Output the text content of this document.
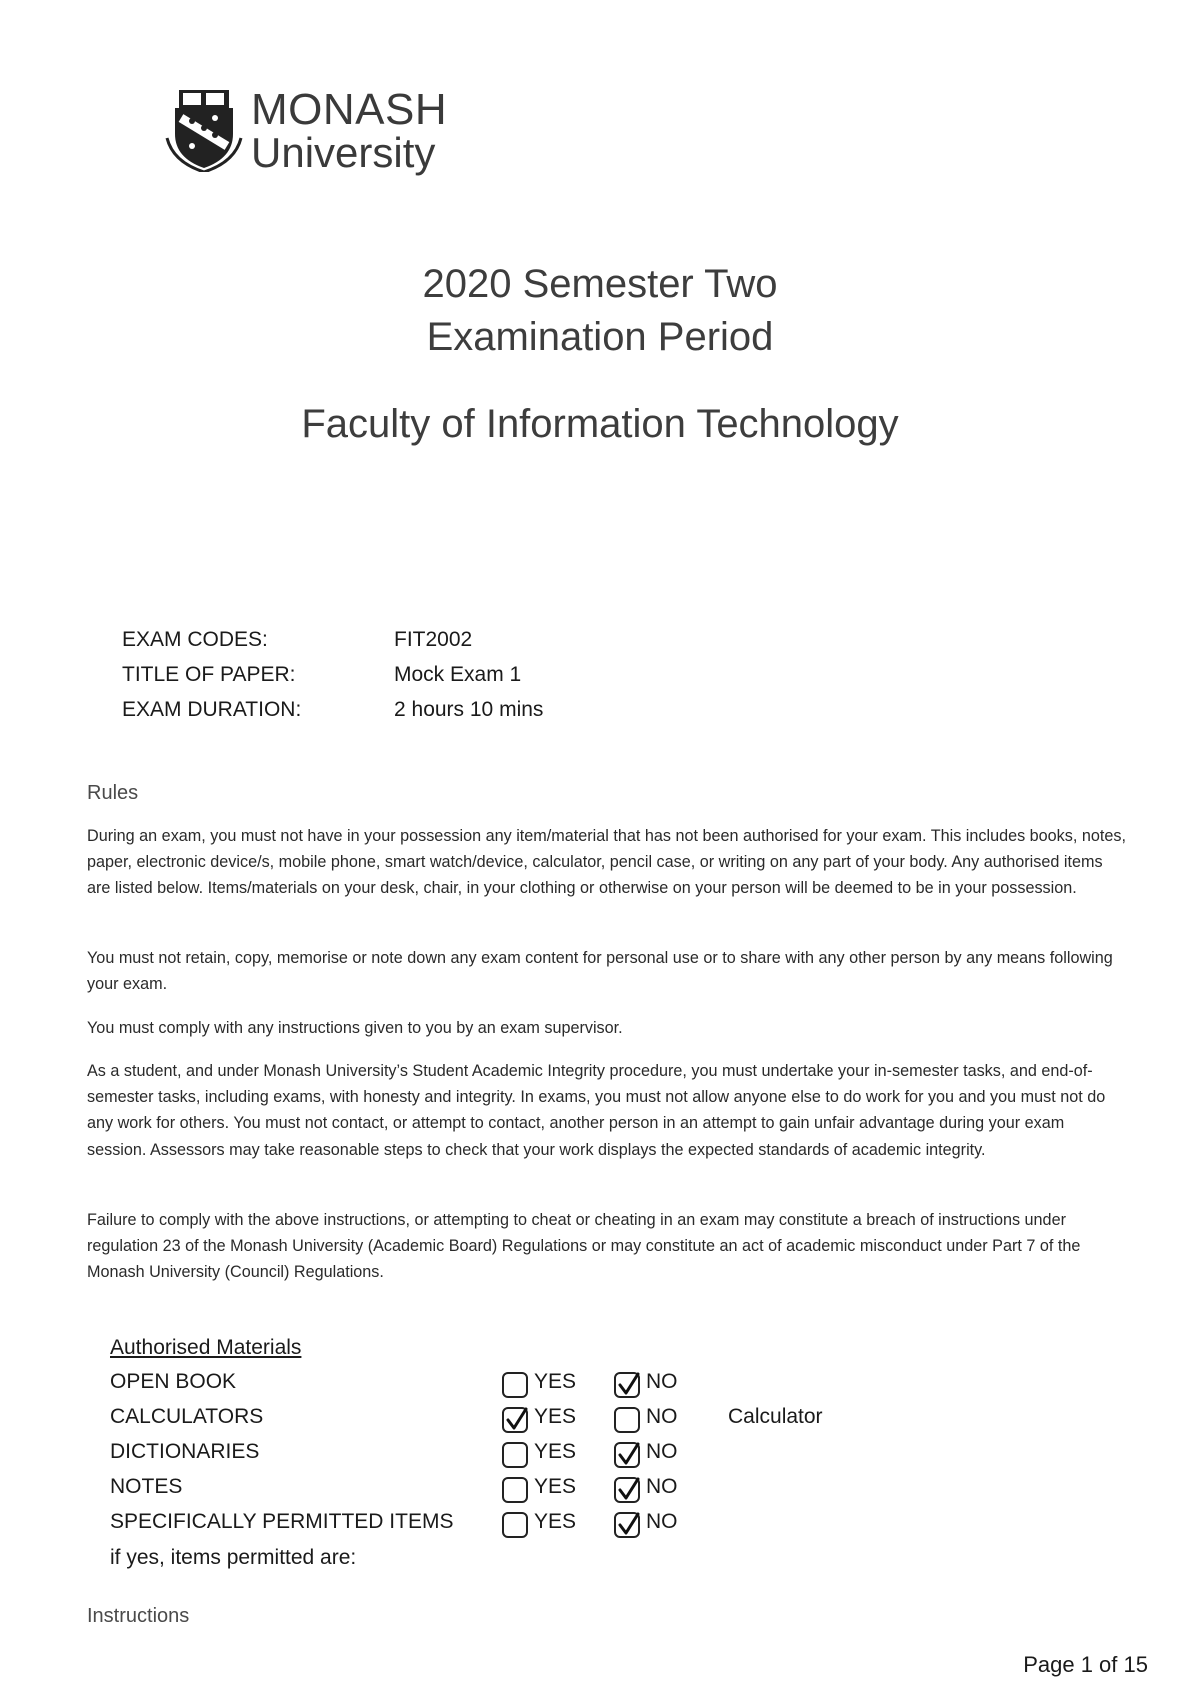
MONASH
University
2020 Semester Two
Examination Period
Faculty of Information Technology
EXAM CODES:	FIT2002
TITLE OF PAPER:	Mock Exam 1
EXAM DURATION:	2 hours 10 mins
Rules

During an exam, you must not have in your possession any item/material that has not been authorised for your exam. This includes books, notes, paper, electronic device/s, mobile phone, smart watch/device, calculator, pencil case, or writing on any part of your body. Any authorised items are listed below. Items/materials on your desk, chair, in your clothing or otherwise on your person will be deemed to be in your possession.

You must not retain, copy, memorise or note down any exam content for personal use or to share with any other person by any means following your exam.

You must comply with any instructions given to you by an exam supervisor.

As a student, and under Monash University’s Student Academic Integrity procedure, you must undertake your in-semester tasks, and end-of-semester tasks, including exams, with honesty and integrity. In exams, you must not allow anyone else to do work for you and you must not do any work for others. You must not contact, or attempt to contact, another person in an attempt to gain unfair advantage during your exam session. Assessors may take reasonable steps to check that your work displays the expected standards of academic integrity.

Failure to comply with the above instructions, or attempting to cheat or cheating in an exam may constitute a breach of instructions under regulation 23 of the Monash University (Academic Board) Regulations or may constitute an act of academic misconduct under Part 7 of the Monash University (Council) Regulations.

Authorised Materials
OPEN BOOK	YES	NO
CALCULATORS	YES	NO Calculator
DICTIONARIES	YES	NO
NOTES	YES	NO
SPECIFICALLY PERMITTED ITEMS	YES	NO
if yes, items permitted are:
Instructions
Page 1 of 15
